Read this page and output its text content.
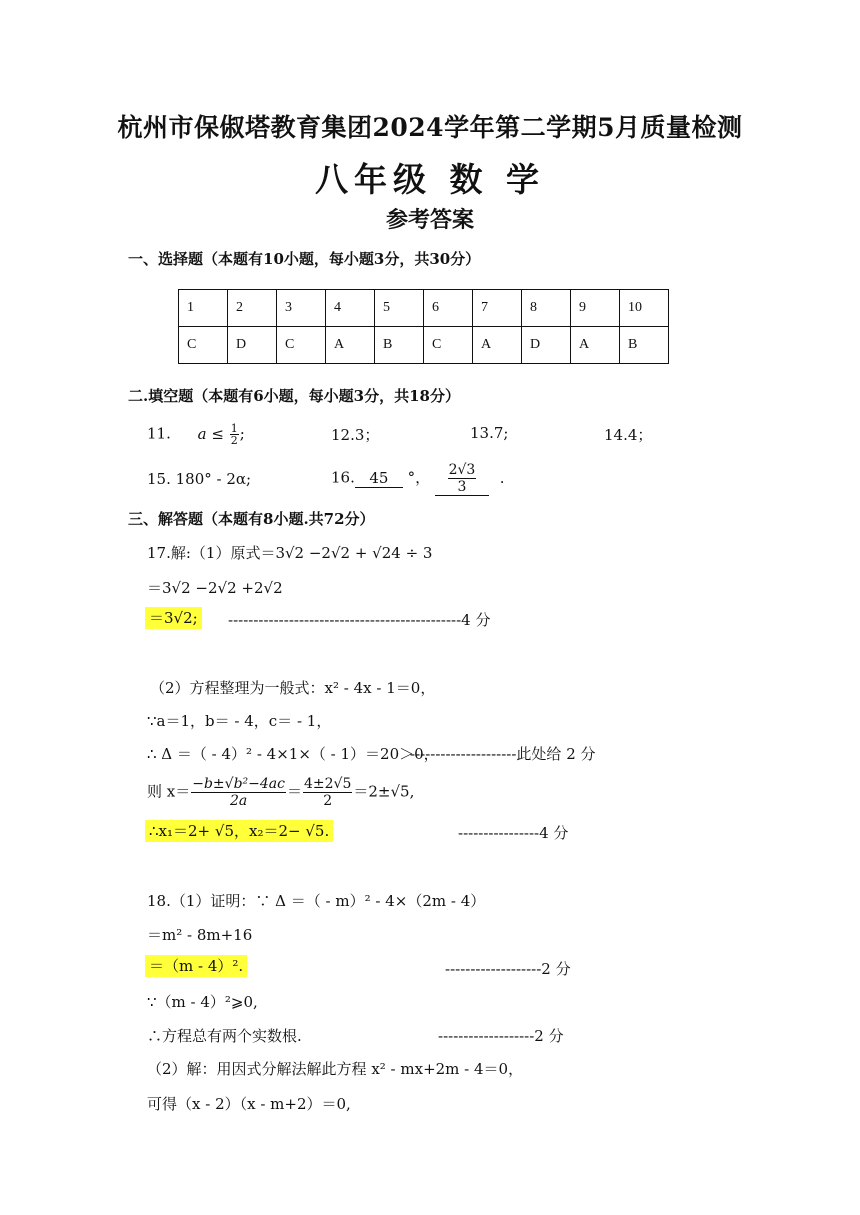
杭州市保俶塔教育集团2024学年第二学期5月质量检测
八年级 数 学
参考答案
一、选择题（本题有10小题，每小题3分，共30分）
1	2	3	4	5	6	7	8	9	10
C	D	C	A	B	C	A	D	A	B
二.填空题（本题有6小题，每小题3分，共18分）
11. $a \le \frac{1}{2}$ ;	12.3；	13.7;	14.4；
15. 180° - 2α;	16. 45 °， $\frac{2√3}{3}$ .
三、解答题（本题有8小题.共72分）
17.解:（1）原式＝3√2 −2√2 + √24 ÷ 3
＝3√2 −2√2 +2√2
＝3√2; ----------------------------------------------4 分
（2）方程整理为一般式：x² - 4x - 1＝0，
∵a＝1，b＝ - 4，c＝ - 1，
∴ Δ ＝（ - 4）² - 4×1×（ - 1）＝20＞0，
---------------------此处给 2 分
则 $x= \frac{\text{−b±√b²−4ac}}{2a} = \frac{4\pm 2√5}{2} =2\pm√5$,
∴x₁＝2+ √5，x₂＝2− √5.	----------------4 分
18.（1）证明：∵ Δ ＝（ - m）² - 4×（2m - 4）
＝m² - 8m+16
＝（m - 4）².	-------------------2 分
∵（m - 4）²⩾0,
∴方程总有两个实数根.	-------------------2 分
（2）解：用因式分解法解此方程 x² - mx+2m - 4＝0，
可得（x - 2）（x - m+2）＝0,
